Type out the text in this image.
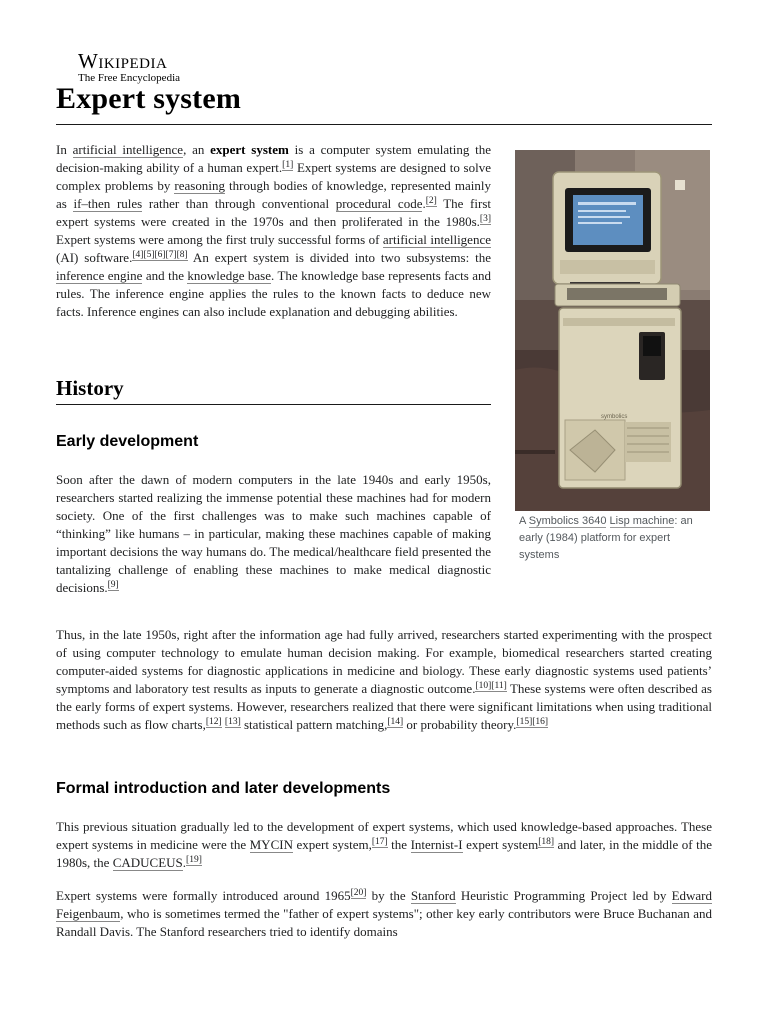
Wikipedia
The Free Encyclopedia
Expert system

In artificial intelligence, an expert system is a computer system emulating the decision-making ability of a human expert.[1] Expert systems are designed to solve complex problems by reasoning through bodies of knowledge, represented mainly as if–then rules rather than through conventional procedural code.[2] The first expert systems were created in the 1970s and then proliferated in the 1980s.[3] Expert systems were among the first truly successful forms of artificial intelligence (AI) software.[4][5][6][7][8] An expert system is divided into two subsystems: the inference engine and the knowledge base. The knowledge base represents facts and rules. The inference engine applies the rules to the known facts to deduce new facts. Inference engines can also include explanation and debugging abilities.

History
Early development

Soon after the dawn of modern computers in the late 1940s and early 1950s, researchers started realizing the immense potential these machines had for modern society. One of the first challenges was to make such machines capable of “thinking” like humans – in particular, making these machines capable of making important decisions the way humans do. The medical/healthcare field presented the tantalizing challenge of enabling these machines to make medical diagnostic decisions.[9]

Thus, in the late 1950s, right after the information age had fully arrived, researchers started experimenting with the prospect of using computer technology to emulate human decision making. For example, biomedical researchers started creating computer-aided systems for diagnostic applications in medicine and biology. These early diagnostic systems used patients’ symptoms and laboratory test results as inputs to generate a diagnostic outcome.[10][11] These systems were often described as the early forms of expert systems. However, researchers realized that there were significant limitations when using traditional methods such as flow charts,[12] [13] statistical pattern matching,[14] or probability theory.[15][16]

Formal introduction and later developments

This previous situation gradually led to the development of expert systems, which used knowledge-based approaches. These expert systems in medicine were the MYCIN expert system,[17] the Internist-I expert system[18] and later, in the middle of the 1980s, the CADUCEUS.[19]

Expert systems were formally introduced around 1965[20] by the Stanford Heuristic Programming Project led by Edward Feigenbaum, who is sometimes termed the "father of expert systems"; other key early contributors were Bruce Buchanan and Randall Davis. The Stanford researchers tried to identify domains

symbolics
A Symbolics 3640 Lisp machine: an early (1984) platform for expert systems
